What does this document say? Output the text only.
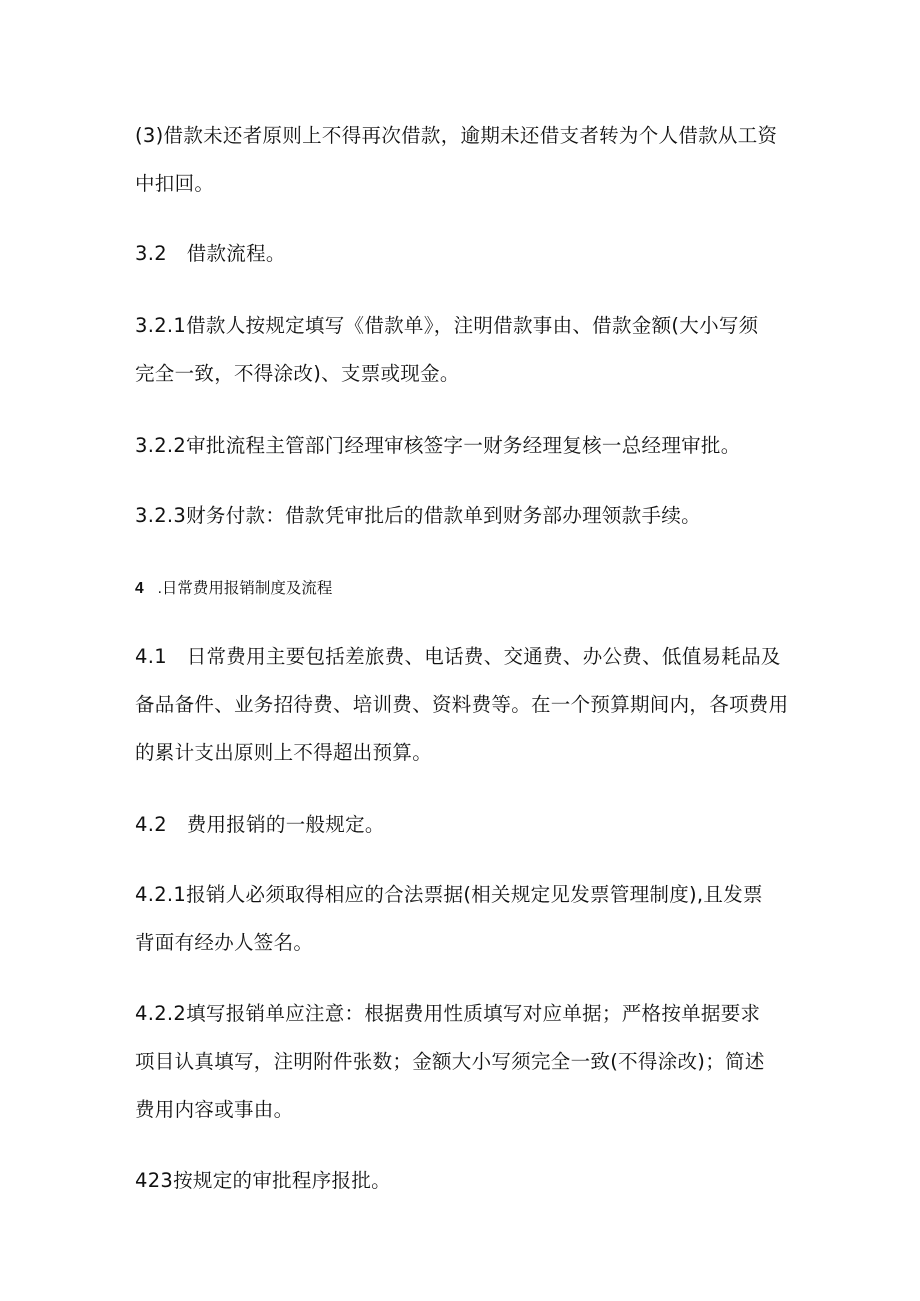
(3)借款未还者原则上不得再次借款，逾期未还借支者转为个人借款从工资
中扣回。
3.2　借款流程。
3.2.1借款人按规定填写《借款单》，注明借款事由、借款金额(大小写须
完全一致，不得涂改)、支票或现金。
3.2.2审批流程主管部门经理审核签字一财务经理复核一总经理审批。
3.2.3财务付款：借款凭审批后的借款单到财务部办理领款手续。
4 .日常费用报销制度及流程
4.1　日常费用主要包括差旅费、电话费、交通费、办公费、低值易耗品及
备品备件、业务招待费、培训费、资料费等。在一个预算期间内，各项费用
的累计支出原则上不得超出预算。
4.2　费用报销的一般规定。
4.2.1报销人必须取得相应的合法票据(相关规定见发票管理制度),且发票
背面有经办人签名。
4.2.2填写报销单应注意：根据费用性质填写对应单据；严格按单据要求
项目认真填写，注明附件张数；金额大小写须完全一致(不得涂改)；简述
费用内容或事由。
423按规定的审批程序报批。
